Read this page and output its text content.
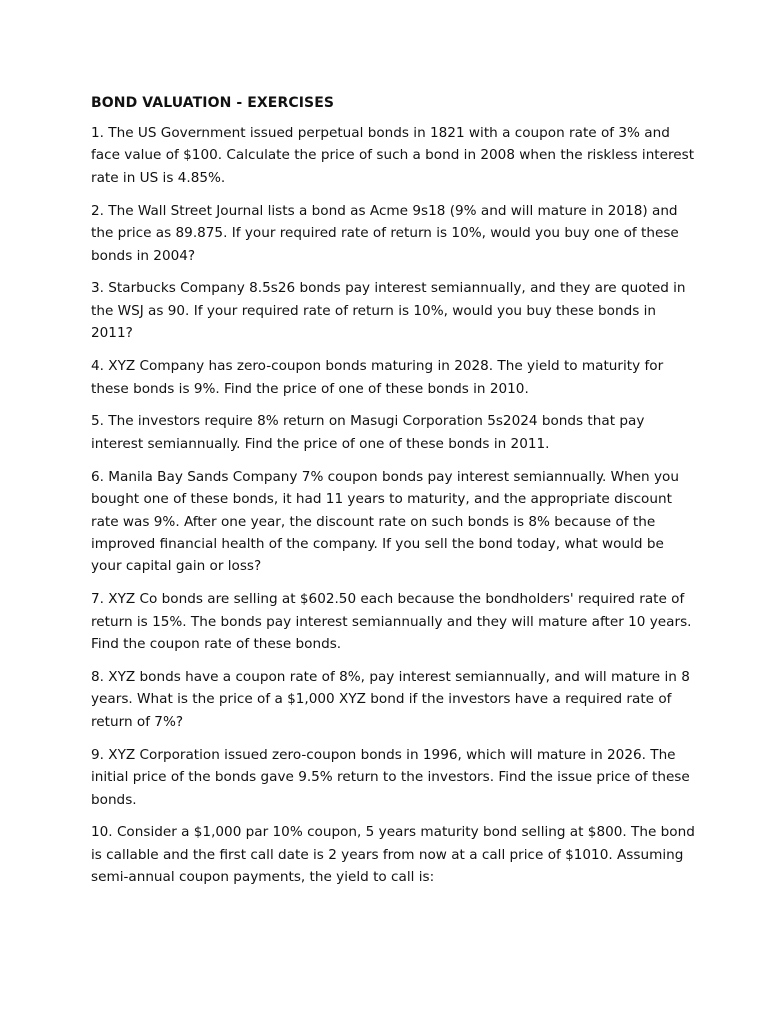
BOND VALUATION - EXERCISES
1. The US Government issued perpetual bonds in 1821 with a coupon rate of 3% and
face value of $100. Calculate the price of such a bond in 2008 when the riskless interest
rate in US is 4.85%.
2. The Wall Street Journal lists a bond as Acme 9s18 (9% and will mature in 2018) and
the price as 89.875. If your required rate of return is 10%, would you buy one of these
bonds in 2004?
3. Starbucks Company 8.5s26 bonds pay interest semiannually, and they are quoted in
the WSJ as 90. If your required rate of return is 10%, would you buy these bonds in
2011?
4. XYZ Company has zero-coupon bonds maturing in 2028. The yield to maturity for
these bonds is 9%. Find the price of one of these bonds in 2010.
5. The investors require 8% return on Masugi Corporation 5s2024 bonds that pay
interest semiannually. Find the price of one of these bonds in 2011.
6. Manila Bay Sands Company 7% coupon bonds pay interest semiannually. When you
bought one of these bonds, it had 11 years to maturity, and the appropriate discount
rate was 9%. After one year, the discount rate on such bonds is 8% because of the
improved financial health of the company. If you sell the bond today, what would be
your capital gain or loss?
7. XYZ Co bonds are selling at $602.50 each because the bondholders' required rate of
return is 15%. The bonds pay interest semiannually and they will mature after 10 years.
Find the coupon rate of these bonds.
8. XYZ bonds have a coupon rate of 8%, pay interest semiannually, and will mature in 8
years. What is the price of a $1,000 XYZ bond if the investors have a required rate of
return of 7%?
9. XYZ Corporation issued zero-coupon bonds in 1996, which will mature in 2026. The
initial price of the bonds gave 9.5% return to the investors. Find the issue price of these
bonds.
10. Consider a $1,000 par 10% coupon, 5 years maturity bond selling at $800. The bond
is callable and the first call date is 2 years from now at a call price of $1010. Assuming
semi-annual coupon payments, the yield to call is:
